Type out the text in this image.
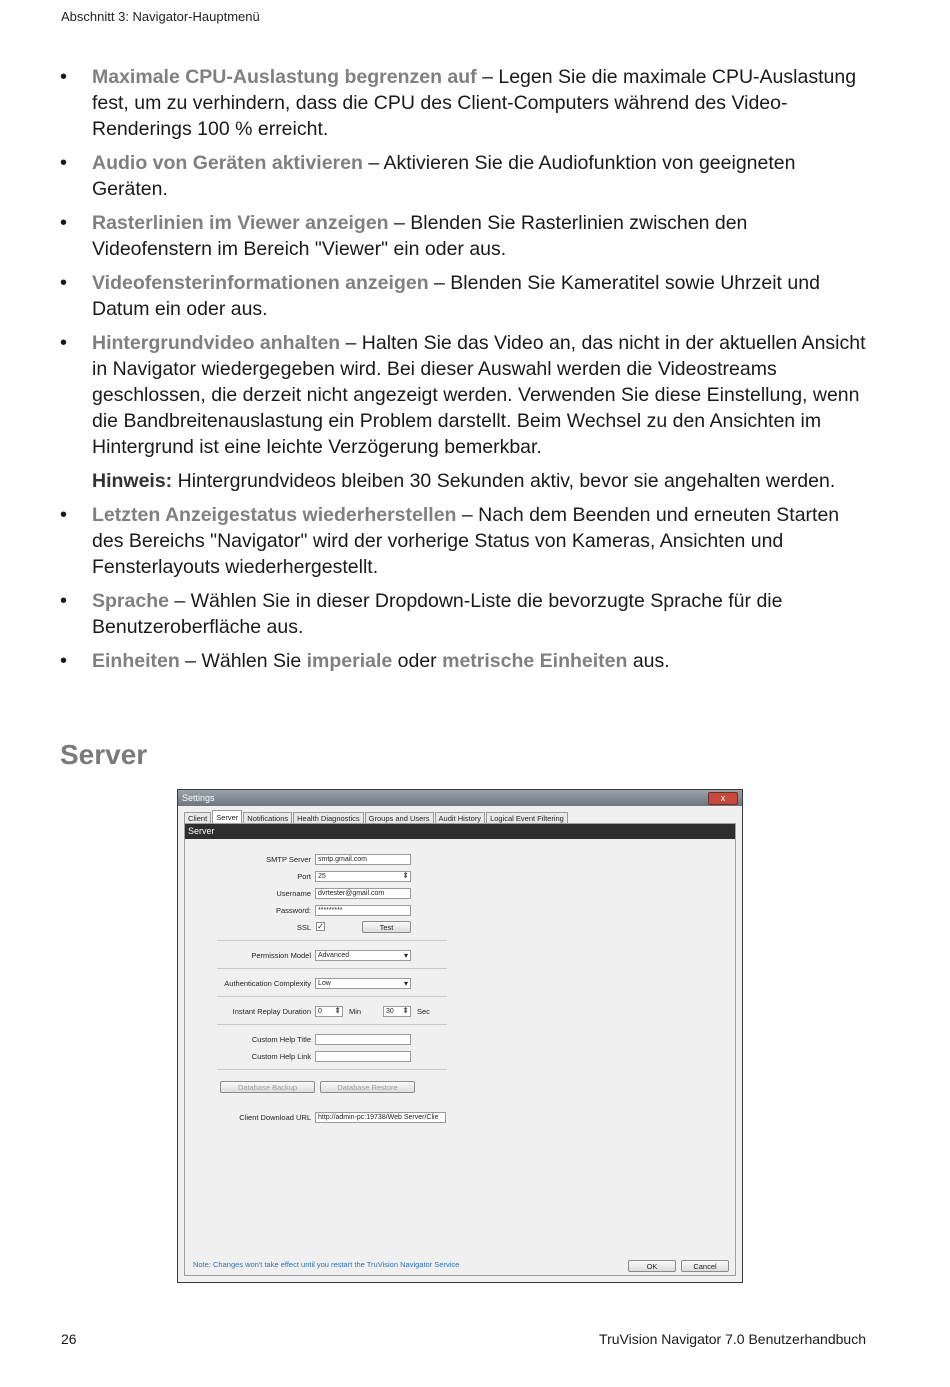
Abschnitt 3: Navigator-Hauptmenü
• Maximale CPU-Auslastung begrenzen auf – Legen Sie die maximale CPU-Auslastung fest, um zu verhindern, dass die CPU des Client-Computers während des Video-Renderings 100 % erreicht.
• Audio von Geräten aktivieren – Aktivieren Sie die Audiofunktion von geeigneten Geräten.
• Rasterlinien im Viewer anzeigen – Blenden Sie Rasterlinien zwischen den Videofenstern im Bereich "Viewer" ein oder aus.
• Videofensterinformationen anzeigen – Blenden Sie Kameratitel sowie Uhrzeit und Datum ein oder aus.
• Hintergrundvideo anhalten – Halten Sie das Video an, das nicht in der aktuellen Ansicht in Navigator wiedergegeben wird. Bei dieser Auswahl werden die Videostreams geschlossen, die derzeit nicht angezeigt werden. Verwenden Sie diese Einstellung, wenn die Bandbreitenauslastung ein Problem darstellt. Beim Wechsel zu den Ansichten im Hintergrund ist eine leichte Verzögerung bemerkbar.

Hinweis: Hintergrundvideos bleiben 30 Sekunden aktiv, bevor sie angehalten werden.

• Letzten Anzeigestatus wiederherstellen – Nach dem Beenden und erneuten Starten des Bereichs "Navigator" wird der vorherige Status von Kameras, Ansichten und Fensterlayouts wiederhergestellt.
• Sprache – Wählen Sie in dieser Dropdown-Liste die bevorzugte Sprache für die Benutzeroberfläche aus.
• Einheiten – Wählen Sie imperiale oder metrische Einheiten aus.
Server
Settings	x
Client	Server	Notifications	Health Diagnostics	Groups and Users	Audit History	Logical Event Filtering
Server
SMTP Server	smtp.gmail.com
Port	25 ⬍
Username	dvrtester@gmail.com
Password:	*********
SSL ✓	Test
Permission Model	Advanced ▾
Authentication Complexity	Low ▾
Instant Replay Duration	0 ⬍	Min	30 ⬍	Sec
Custom Help Title
Custom Help Link
Database Backup	Database Restore
Client Download URL	http://admin-pc:19738/Web Server/Clie
Note: Changes won't take effect until you restart the TruVision Navigator Service	OK	Cancel
26	TruVision Navigator 7.0 Benutzerhandbuch
